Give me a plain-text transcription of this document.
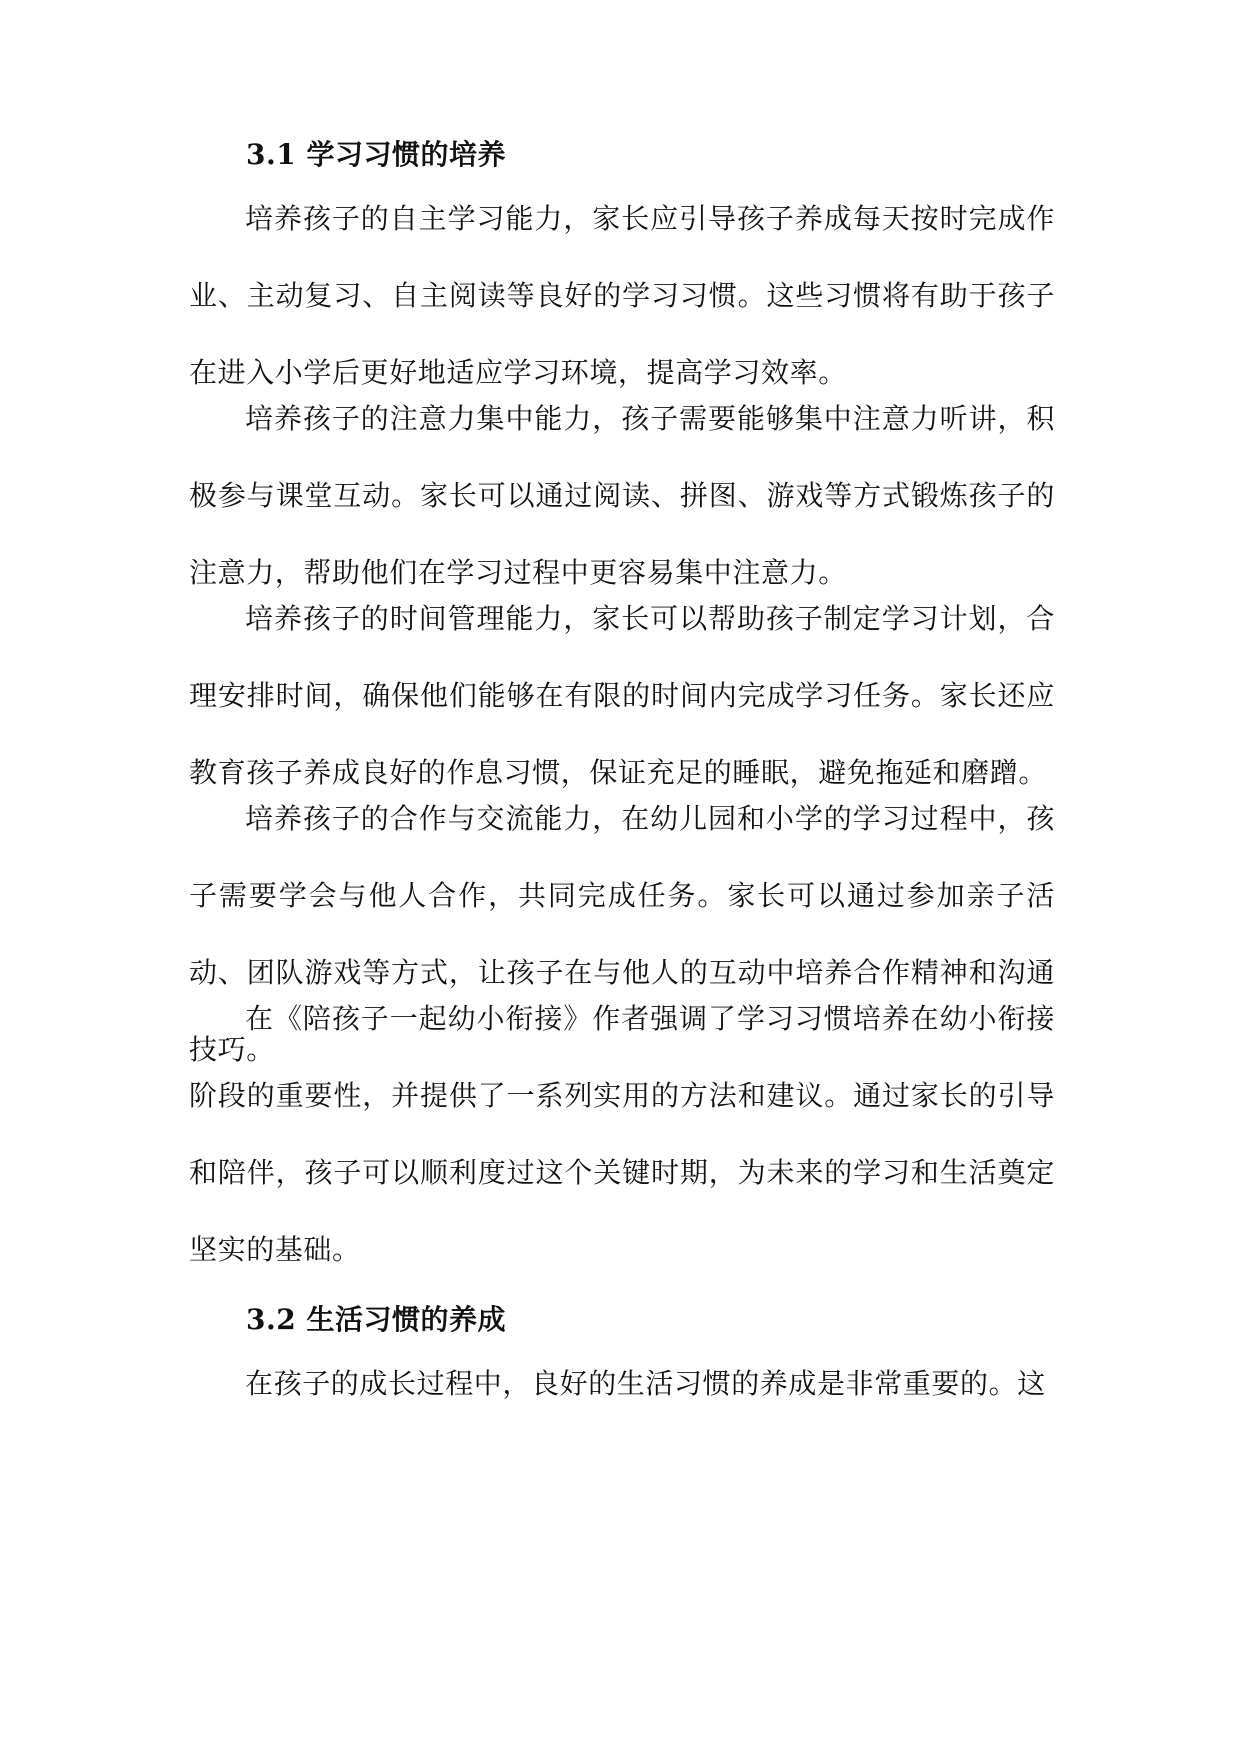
3.1 学习习惯的培养

培养孩子的自主学习能力，家长应引导孩子养成每天按时完成作业、主动复习、自主阅读等良好的学习习惯。这些习惯将有助于孩子在进入小学后更好地适应学习环境，提高学习效率。

培养孩子的注意力集中能力，孩子需要能够集中注意力听讲，积极参与课堂互动。家长可以通过阅读、拼图、游戏等方式锻炼孩子的注意力，帮助他们在学习过程中更容易集中注意力。

培养孩子的时间管理能力，家长可以帮助孩子制定学习计划，合理安排时间，确保他们能够在有限的时间内完成学习任务。家长还应教育孩子养成良好的作息习惯，保证充足的睡眠，避免拖延和磨蹭。

培养孩子的合作与交流能力，在幼儿园和小学的学习过程中，孩子需要学会与他人合作，共同完成任务。家长可以通过参加亲子活动、团队游戏等方式，让孩子在与他人的互动中培养合作精神和沟通技巧。

在《陪孩子一起幼小衔接》作者强调了学习习惯培养在幼小衔接阶段的重要性，并提供了一系列实用的方法和建议。通过家长的引导和陪伴，孩子可以顺利度过这个关键时期，为未来的学习和生活奠定坚实的基础。

3.2 生活习惯的养成

在孩子的成长过程中，良好的生活习惯的养成是非常重要的。这
